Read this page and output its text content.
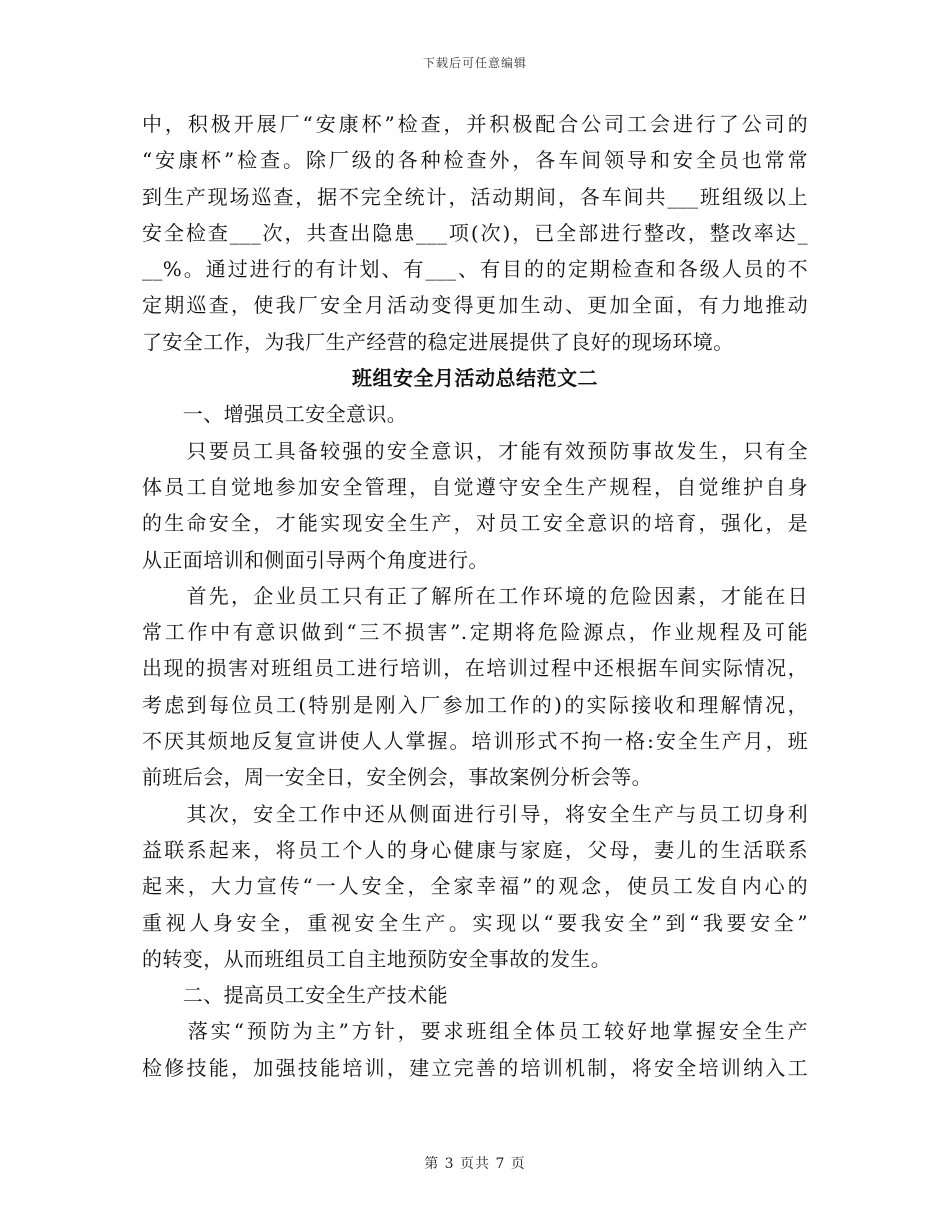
下载后可任意编辑
中，积极开展厂“安康杯”检查，并积极配合公司工会进行了公司的
“安康杯”检查。除厂级的各种检查外，各车间领导和安全员也常常
到生产现场巡查，据不完全统计，活动期间，各车间共___班组级以上
安全检查___次，共查出隐患___项(次)，已全部进行整改，整改率达_
__%。通过进行的有计划、有___、有目的的定期检查和各级人员的不
定期巡查，使我厂安全月活动变得更加生动、更加全面，有力地推动
了安全工作，为我厂生产经营的稳定进展提供了良好的现场环境。
班组安全月活动总结范文二
　　一、增强员工安全意识。
　　只要员工具备较强的安全意识，才能有效预防事故发生，只有全
体员工自觉地参加安全管理，自觉遵守安全生产规程，自觉维护自身
的生命安全，才能实现安全生产，对员工安全意识的培育，强化，是
从正面培训和侧面引导两个角度进行。
　　首先，企业员工只有正了解所在工作环境的危险因素，才能在日
常工作中有意识做到“三不损害”.定期将危险源点，作业规程及可能
出现的损害对班组员工进行培训，在培训过程中还根据车间实际情况，
考虑到每位员工(特别是刚入厂参加工作的)的实际接收和理解情况，
不厌其烦地反复宣讲使人人掌握。培训形式不拘一格:安全生产月，班
前班后会，周一安全日，安全例会，事故案例分析会等。
　　其次，安全工作中还从侧面进行引导，将安全生产与员工切身利
益联系起来，将员工个人的身心健康与家庭，父母，妻儿的生活联系
起来，大力宣传“一人安全，全家幸福”的观念，使员工发自内心的
重视人身安全，重视安全生产。实现以“要我安全”到“我要安全”
的转变，从而班组员工自主地预防安全事故的发生。
　　二、提高员工安全生产技术能
　　落实“预防为主”方针，要求班组全体员工较好地掌握安全生产
检修技能，加强技能培训，建立完善的培训机制，将安全培训纳入工
第 3 页共 7 页
